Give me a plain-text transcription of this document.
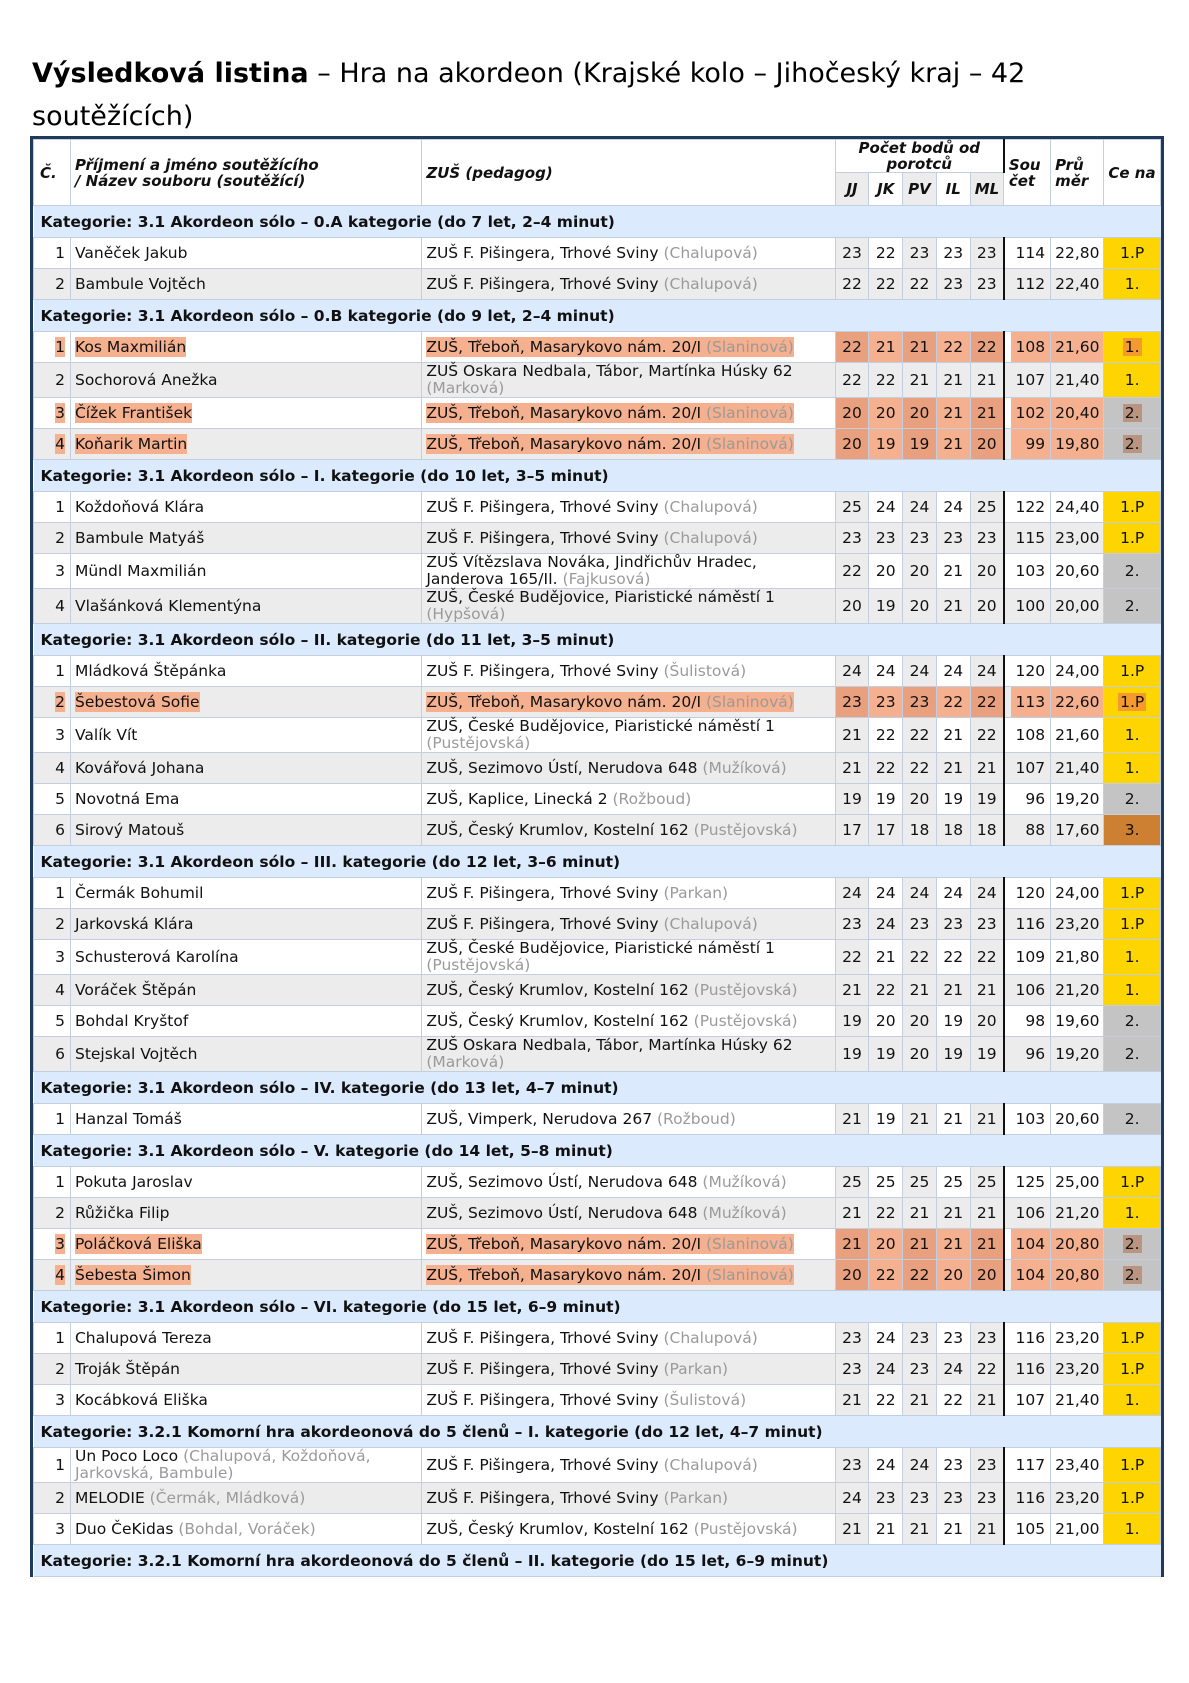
Výsledková listina – Hra na akordeon (Krajské kolo – Jihočeský kraj – 42 soutěžících)
Č.	Příjmení a jméno soutěžícího
/ Název souboru (soutěžící)	ZUŠ (pedagog)	Počet bodů od porotců					Sou čet	Prů měr	Ce na
			JJ	JK	PV	IL	ML			
Kategorie: 3.1 Akordeon sólo – 0.A kategorie (do 7 let, 2–4 minut)										
1	Vaněček Jakub	ZUŠ F. Pišingera, Trhové Sviny (Chalupová)	23	22	23	23	23	114	22,80	1.P
2	Bambule Vojtěch	ZUŠ F. Pišingera, Trhové Sviny (Chalupová)	22	22	22	23	23	112	22,40	1.
Kategorie: 3.1 Akordeon sólo – 0.B kategorie (do 9 let, 2–4 minut)										
1	Kos Maxmilián	ZUŠ, Třeboň, Masarykovo nám. 20/I (Slaninová)	22	21	21	22	22	108	21,60	1.
2	Sochorová Anežka	ZUŠ Oskara Nedbala, Tábor, Martínka Húsky 62 (Marková)	22	22	21	21	21	107	21,40	1.
3	Čížek František	ZUŠ, Třeboň, Masarykovo nám. 20/I (Slaninová)	20	20	20	21	21	102	20,40	2.
4	Koňarik Martin	ZUŠ, Třeboň, Masarykovo nám. 20/I (Slaninová)	20	19	19	21	20	99	19,80	2.
Kategorie: 3.1 Akordeon sólo – I. kategorie (do 10 let, 3–5 minut)										
1	Koždoňová Klára	ZUŠ F. Pišingera, Trhové Sviny (Chalupová)	25	24	24	24	25	122	24,40	1.P
2	Bambule Matyáš	ZUŠ F. Pišingera, Trhové Sviny (Chalupová)	23	23	23	23	23	115	23,00	1.P
3	Mündl Maxmilián	ZUŠ Vítězslava Nováka, Jindřichův Hradec, Janderova 165/II. (Fajkusová)	22	20	20	21	20	103	20,60	2.
4	Vlašánková Klementýna	ZUŠ, České Budějovice, Piaristické náměstí 1 (Hypšová)	20	19	20	21	20	100	20,00	2.
Kategorie: 3.1 Akordeon sólo – II. kategorie (do 11 let, 3–5 minut)										
1	Mládková Štěpánka	ZUŠ F. Pišingera, Trhové Sviny (Šulistová)	24	24	24	24	24	120	24,00	1.P
2	Šebestová Sofie	ZUŠ, Třeboň, Masarykovo nám. 20/I (Slaninová)	23	23	23	22	22	113	22,60	1.P
3	Valík Vít	ZUŠ, České Budějovice, Piaristické náměstí 1 (Pustějovská)	21	22	22	21	22	108	21,60	1.
4	Kovářová Johana	ZUŠ, Sezimovo Ústí, Nerudova 648 (Mužíková)	21	22	22	21	21	107	21,40	1.
5	Novotná Ema	ZUŠ, Kaplice, Linecká 2 (Rožboud)	19	19	20	19	19	96	19,20	2.
6	Sirový Matouš	ZUŠ, Český Krumlov, Kostelní 162 (Pustějovská)	17	17	18	18	18	88	17,60	3.
Kategorie: 3.1 Akordeon sólo – III. kategorie (do 12 let, 3–6 minut)										
1	Čermák Bohumil	ZUŠ F. Pišingera, Trhové Sviny (Parkan)	24	24	24	24	24	120	24,00	1.P
2	Jarkovská Klára	ZUŠ F. Pišingera, Trhové Sviny (Chalupová)	23	24	23	23	23	116	23,20	1.P
3	Schusterová Karolína	ZUŠ, České Budějovice, Piaristické náměstí 1 (Pustějovská)	22	21	22	22	22	109	21,80	1.
4	Voráček Štěpán	ZUŠ, Český Krumlov, Kostelní 162 (Pustějovská)	21	22	21	21	21	106	21,20	1.
5	Bohdal Kryštof	ZUŠ, Český Krumlov, Kostelní 162 (Pustějovská)	19	20	20	19	20	98	19,60	2.
6	Stejskal Vojtěch	ZUŠ Oskara Nedbala, Tábor, Martínka Húsky 62 (Marková)	19	19	20	19	19	96	19,20	2.
Kategorie: 3.1 Akordeon sólo – IV. kategorie (do 13 let, 4–7 minut)										
1	Hanzal Tomáš	ZUŠ, Vimperk, Nerudova 267 (Rožboud)	21	19	21	21	21	103	20,60	2.
Kategorie: 3.1 Akordeon sólo – V. kategorie (do 14 let, 5–8 minut)										
1	Pokuta Jaroslav	ZUŠ, Sezimovo Ústí, Nerudova 648 (Mužíková)	25	25	25	25	25	125	25,00	1.P
2	Růžička Filip	ZUŠ, Sezimovo Ústí, Nerudova 648 (Mužíková)	21	22	21	21	21	106	21,20	1.
3	Poláčková Eliška	ZUŠ, Třeboň, Masarykovo nám. 20/I (Slaninová)	21	20	21	21	21	104	20,80	2.
4	Šebesta Šimon	ZUŠ, Třeboň, Masarykovo nám. 20/I (Slaninová)	20	22	22	20	20	104	20,80	2.
Kategorie: 3.1 Akordeon sólo – VI. kategorie (do 15 let, 6–9 minut)										
1	Chalupová Tereza	ZUŠ F. Pišingera, Trhové Sviny (Chalupová)	23	24	23	23	23	116	23,20	1.P
2	Troják Štěpán	ZUŠ F. Pišingera, Trhové Sviny (Parkan)	23	24	23	24	22	116	23,20	1.P
3	Kocábková Eliška	ZUŠ F. Pišingera, Trhové Sviny (Šulistová)	21	22	21	22	21	107	21,40	1.
Kategorie: 3.2.1 Komorní hra akordeonová do 5 členů – I. kategorie (do 12 let, 4–7 minut)										
1	Un Poco Loco (Chalupová, Koždoňová, Jarkovská, Bambule)	ZUŠ F. Pišingera, Trhové Sviny (Chalupová)	23	24	24	23	23	117	23,40	1.P
2	MELODIE (Čermák, Mládková)	ZUŠ F. Pišingera, Trhové Sviny (Parkan)	24	23	23	23	23	116	23,20	1.P
3	Duo ČeKidas (Bohdal, Voráček)	ZUŠ, Český Krumlov, Kostelní 162 (Pustějovská)	21	21	21	21	21	105	21,00	1.
Kategorie: 3.2.1 Komorní hra akordeonová do 5 členů – II. kategorie (do 15 let, 6–9 minut)										
